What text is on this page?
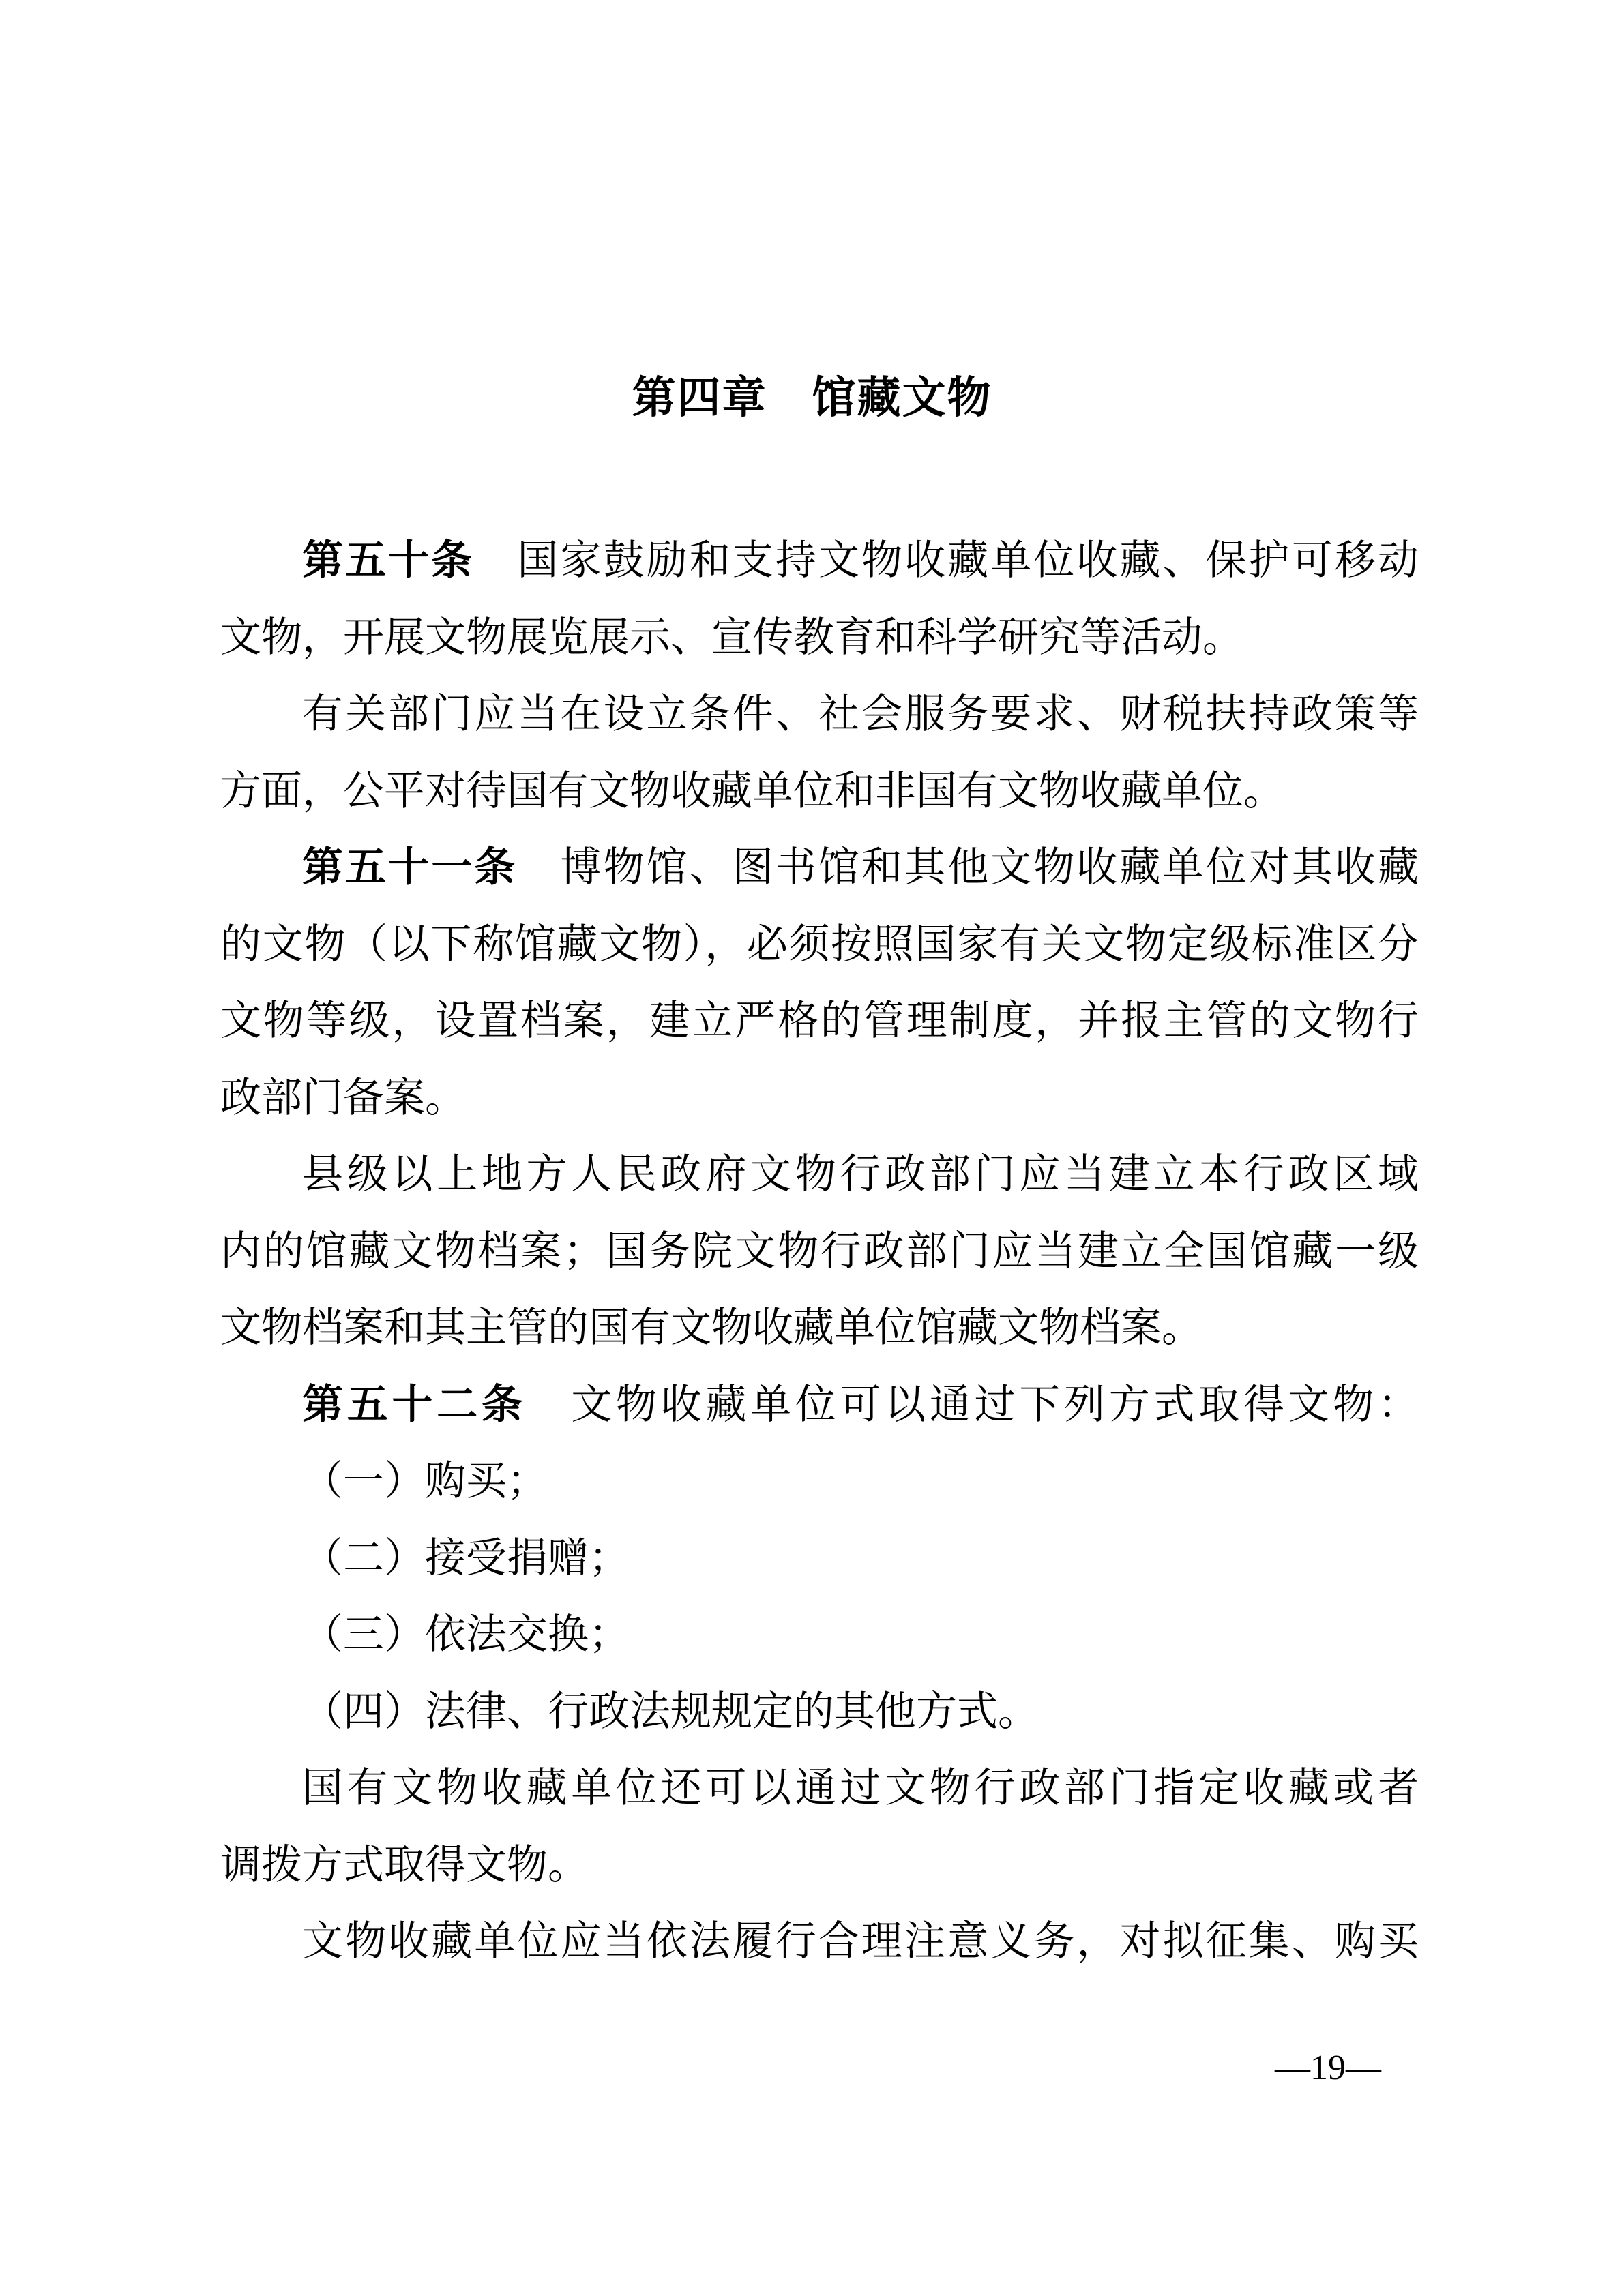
第四章　馆藏文物
第五十条　国家鼓励和支持文物收藏单位收藏、保护可移动
文物，开展文物展览展示、宣传教育和科学研究等活动。
有关部门应当在设立条件、社会服务要求、财税扶持政策等
方面，公平对待国有文物收藏单位和非国有文物收藏单位。
第五十一条　博物馆、图书馆和其他文物收藏单位对其收藏
的文物（以下称馆藏文物），必须按照国家有关文物定级标准区分
文物等级，设置档案，建立严格的管理制度，并报主管的文物行
政部门备案。
县级以上地方人民政府文物行政部门应当建立本行政区域
内的馆藏文物档案；国务院文物行政部门应当建立全国馆藏一级
文物档案和其主管的国有文物收藏单位馆藏文物档案。
第五十二条　文物收藏单位可以通过下列方式取得文物：
（一）购买；
（二）接受捐赠；
（三）依法交换；
（四）法律、行政法规规定的其他方式。
国有文物收藏单位还可以通过文物行政部门指定收藏或者
调拨方式取得文物。
文物收藏单位应当依法履行合理注意义务，对拟征集、购买
—19—
